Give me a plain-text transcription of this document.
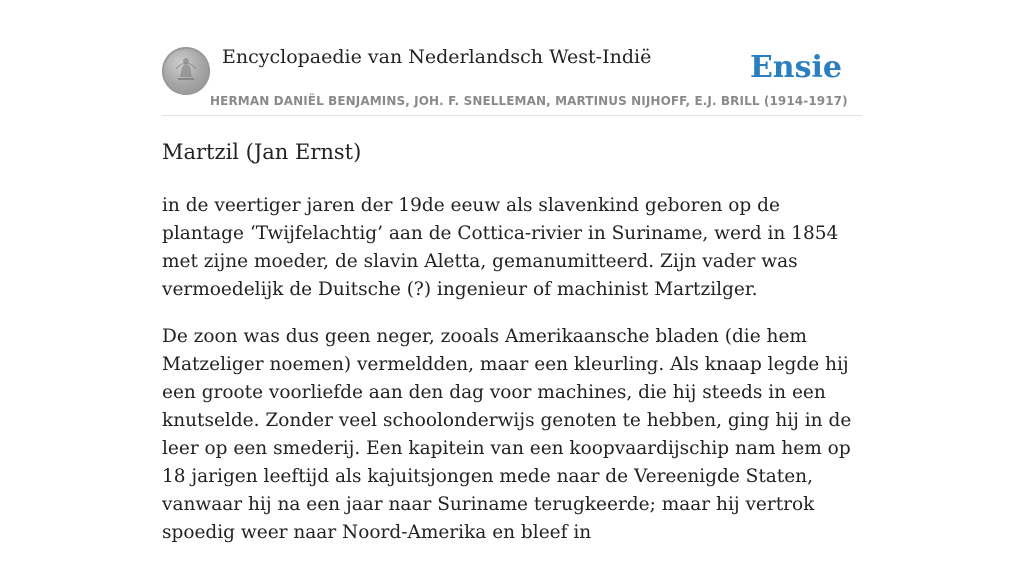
Encyclopaedie van Nederlandsch West-Indië	Ensie
HERMAN DANIËL BENJAMINS, JOH. F. SNELLEMAN, MARTINUS NIJHOFF, E.J. BRILL (1914-1917)
Martzil (Jan Ernst)

in de veertiger jaren der 19de eeuw als slavenkind geboren op de plantage ‘Twijfelachtig’ aan de Cottica-rivier in Suriname, werd in 1854 met zijne moeder, de slavin Aletta, gemanumitteerd. Zijn vader was vermoedelijk de Duitsche (?) ingenieur of machinist Martzilger.

De zoon was dus geen neger, zooals Amerikaansche bladen (die hem Matzeliger noemen) vermeldden, maar een kleurling. Als knaap legde hij een groote voorliefde aan den dag voor machines, die hij steeds in een knutselde. Zonder veel schoolonderwijs genoten te hebben, ging hij in de leer op een smederij. Een kapitein van een koopvaardijschip nam hem op 18 jarigen leeftijd als kajuitsjongen mede naar de Vereenigde Staten, vanwaar hij na een jaar naar Suriname terugkeerde; maar hij vertrok spoedig weer naar Noord-Amerika en bleef in
